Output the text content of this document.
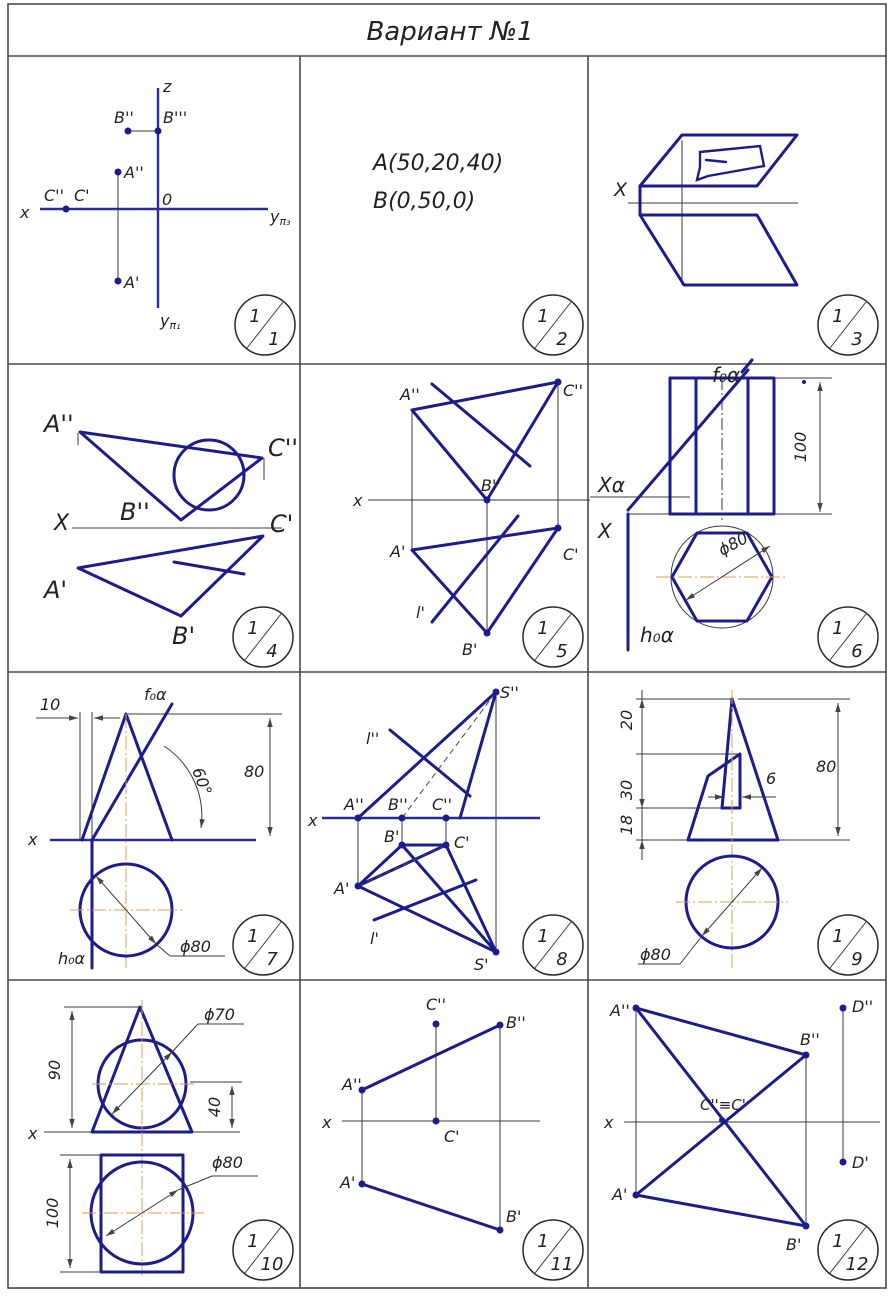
Вариант №1
z
B'' B'''
A''
C'' C'	0
x	yπ₃
A'
yπ₁	1
1
A(50,20,40)
B(0,50,0)
1
2
X
1
3
A''
C''
B''
X	C'
A'
B'	1
4
A''	C''
B''
x
A'	C'
l'
B'
1
5
f₀α
Xα
X
h₀α
100
ϕ80
1
6
10
f₀α
60° 80
x
ϕ80
h₀α
1
7
S''
l''
A'' B'' C''
x
B'	C'
A'
l'
S'
1
8
20
30
18
6
80
ϕ80
1
9
ϕ70
90
40
x
ϕ80
100
1
10
C''
B''
A''
x
C'
A'
B'
1
11
A''	D''
B''
C''≡C'
x
D'
A'
B' 1
12
